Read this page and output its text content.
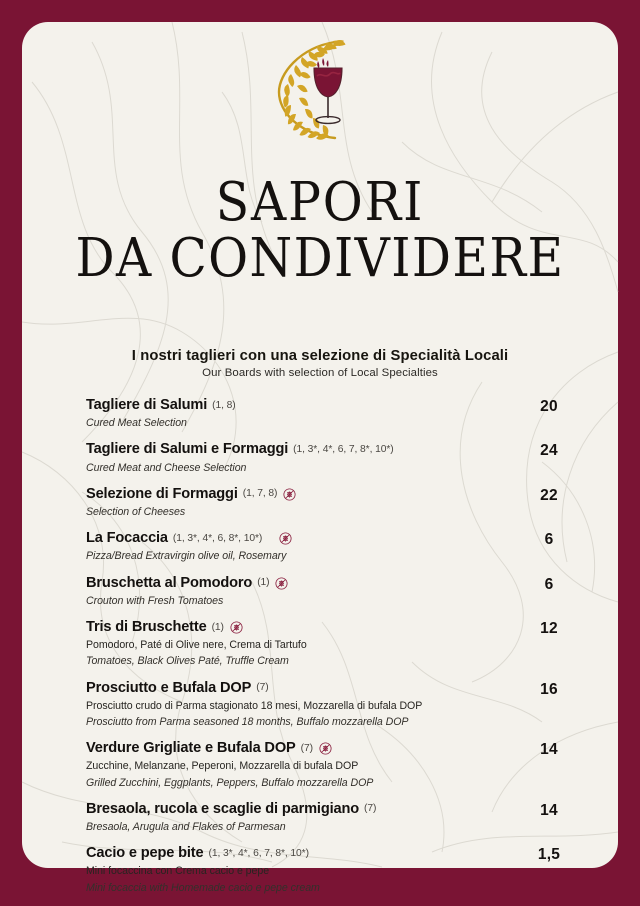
SAPORI
DA CONDIVIDERE
I nostri taglieri con una selezione di Specialità Locali
Our Boards with selection of Local Specialties
Tagliere di Salumi (1, 8)
Cured Meat Selection
20
Tagliere di Salumi e Formaggi (1, 3*, 4*, 6, 7, 8*, 10*)
Cured Meat and Cheese Selection
24
Selezione di Formaggi (1, 7, 8)
Selection of Cheeses
22
La Focaccia (1, 3*, 4*, 6, 8*, 10*)
Pizza/Bread Extravirgin olive oil, Rosemary
6
Bruschetta al Pomodoro (1)
Crouton with Fresh Tomatoes
6
Tris di Bruschette (1)
Pomodoro, Paté di Olive nere, Crema di Tartufo
Tomatoes, Black Olives Paté, Truffle Cream
12
Prosciutto e Bufala DOP (7)
Prosciutto crudo di Parma stagionato 18 mesi, Mozzarella di bufala DOP
Prosciutto from Parma seasoned 18 months, Buffalo mozzarella DOP
16
Verdure Grigliate e Bufala DOP (7)
Zucchine, Melanzane, Peperoni, Mozzarella di bufala DOP
Grilled Zucchini, Eggplants, Peppers, Buffalo mozzarella DOP
14
Bresaola, rucola e scaglie di parmigiano (7)
Bresaola, Arugula and Flakes of Parmesan
14
Cacio e pepe bite (1, 3*, 4*, 6, 7, 8*, 10*)
Mini focaccina con Crema cacio e pepe
Mini focaccia with Homemade cacio e pepe cream
1,5
